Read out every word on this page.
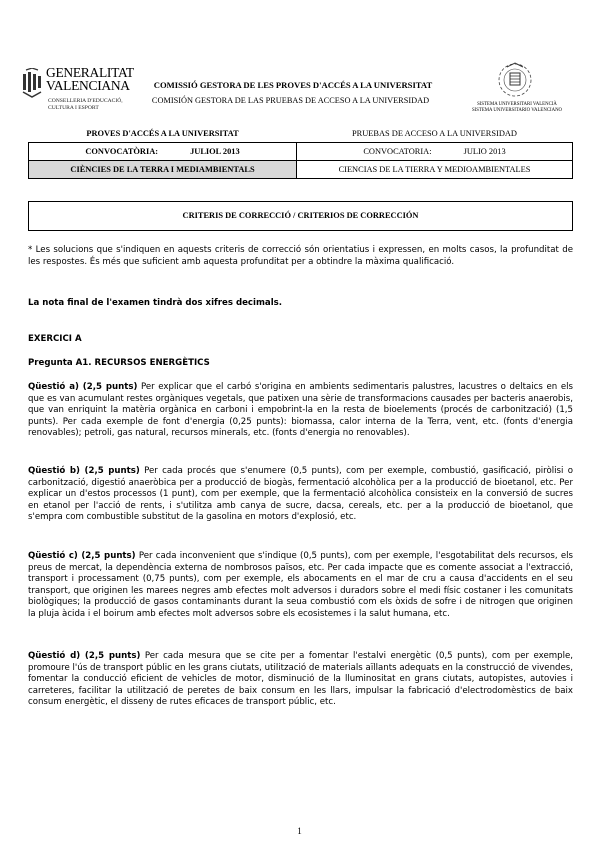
GENERALITAT
VALENCIANA
CONSELLERIA D'EDUCACIÓ,
CULTURA I ESPORT
COMISSIÓ GESTORA DE LES PROVES D'ACCÉS A LA UNIVERSITAT
COMISIÓN GESTORA DE LAS PRUEBAS DE ACCESO A LA UNIVERSIDAD	SISTEMA UNIVERSITARI VALENCIÀ
SISTEMA UNIVERSITARIO VALENCIANO
PROVES D'ACCÉS A LA UNIVERSITAT	PRUEBAS DE ACCESO A LA UNIVERSIDAD
CONVOCATÒRIA: JULIOL 2013	CONVOCATORIA: JULIO 2013
CIÈNCIES DE LA TERRA I MEDIAMBIENTALS	CIENCIAS DE LA TIERRA Y MEDIOAMBIENTALES
CRITERIS DE CORRECCIÓ / CRITERIOS DE CORRECCIÓN
* Les solucions que s'indiquen en aquests criteris de correcció són orientatius i expressen, en molts casos, la profunditat de les respostes. És més que suficient amb aquesta profunditat per a obtindre la màxima qualificació.
La nota final de l'examen tindrà dos xifres decimals.
EXERCICI A
Pregunta A1. RECURSOS ENERGÈTICS
Qüestió a) (2,5 punts) Per explicar que el carbó s'origina en ambients sedimentaris palustres, lacustres o deltaics en els que es van acumulant restes orgàniques vegetals, que patixen una sèrie de transformacions causades per bacteris anaerobis, que van enriquint la matèria orgànica en carboni i empobrint-la en la resta de bioelements (procés de carbonització) (1,5 punts). Per cada exemple de font d'energia (0,25 punts): biomassa, calor interna de la Terra, vent, etc. (fonts d'energia renovables); petroli, gas natural, recursos minerals, etc. (fonts d'energia no renovables).
Qüestió b) (2,5 punts) Per cada procés que s'enumere (0,5 punts), com per exemple, combustió, gasificació, piròlisi o carbonització, digestió anaeròbica per a producció de biogàs, fermentació alcohòlica per a la producció de bioetanol, etc. Per explicar un d'estos processos (1 punt), com per exemple, que la fermentació alcohòlica consisteix en la conversió de sucres en etanol per l'acció de rents, i s'utilitza amb canya de sucre, dacsa, cereals, etc. per a la producció de bioetanol, que s'empra com combustible substitut de la gasolina en motors d'explosió, etc.
Qüestió c) (2,5 punts) Per cada inconvenient que s'indique (0,5 punts), com per exemple, l'esgotabilitat dels recursos, els preus de mercat, la dependència externa de nombrosos països, etc. Per cada impacte que es comente associat a l'extracció, transport i processament (0,75 punts), com per exemple, els abocaments en el mar de cru a causa d'accidents en el seu transport, que originen les marees negres amb efectes molt adversos i duradors sobre el medi físic costaner i les comunitats biològiques; la producció de gasos contaminants durant la seua combustió com els òxids de sofre i de nitrogen que originen la pluja àcida i el boirum amb efectes molt adversos sobre els ecosistemes i la salut humana, etc.
Qüestió d) (2,5 punts) Per cada mesura que se cite per a fomentar l'estalvi energètic (0,5 punts), com per exemple, promoure l'ús de transport públic en les grans ciutats, utilització de materials aïllants adequats en la construcció de vivendes, fomentar la conducció eficient de vehicles de motor, disminució de la lluminositat en grans ciutats, autopistes, autovies i carreteres, facilitar la utilització de peretes de baix consum en les llars, impulsar la fabricació d'electrodomèstics de baix consum energètic, el disseny de rutes eficaces de transport públic, etc.
1
